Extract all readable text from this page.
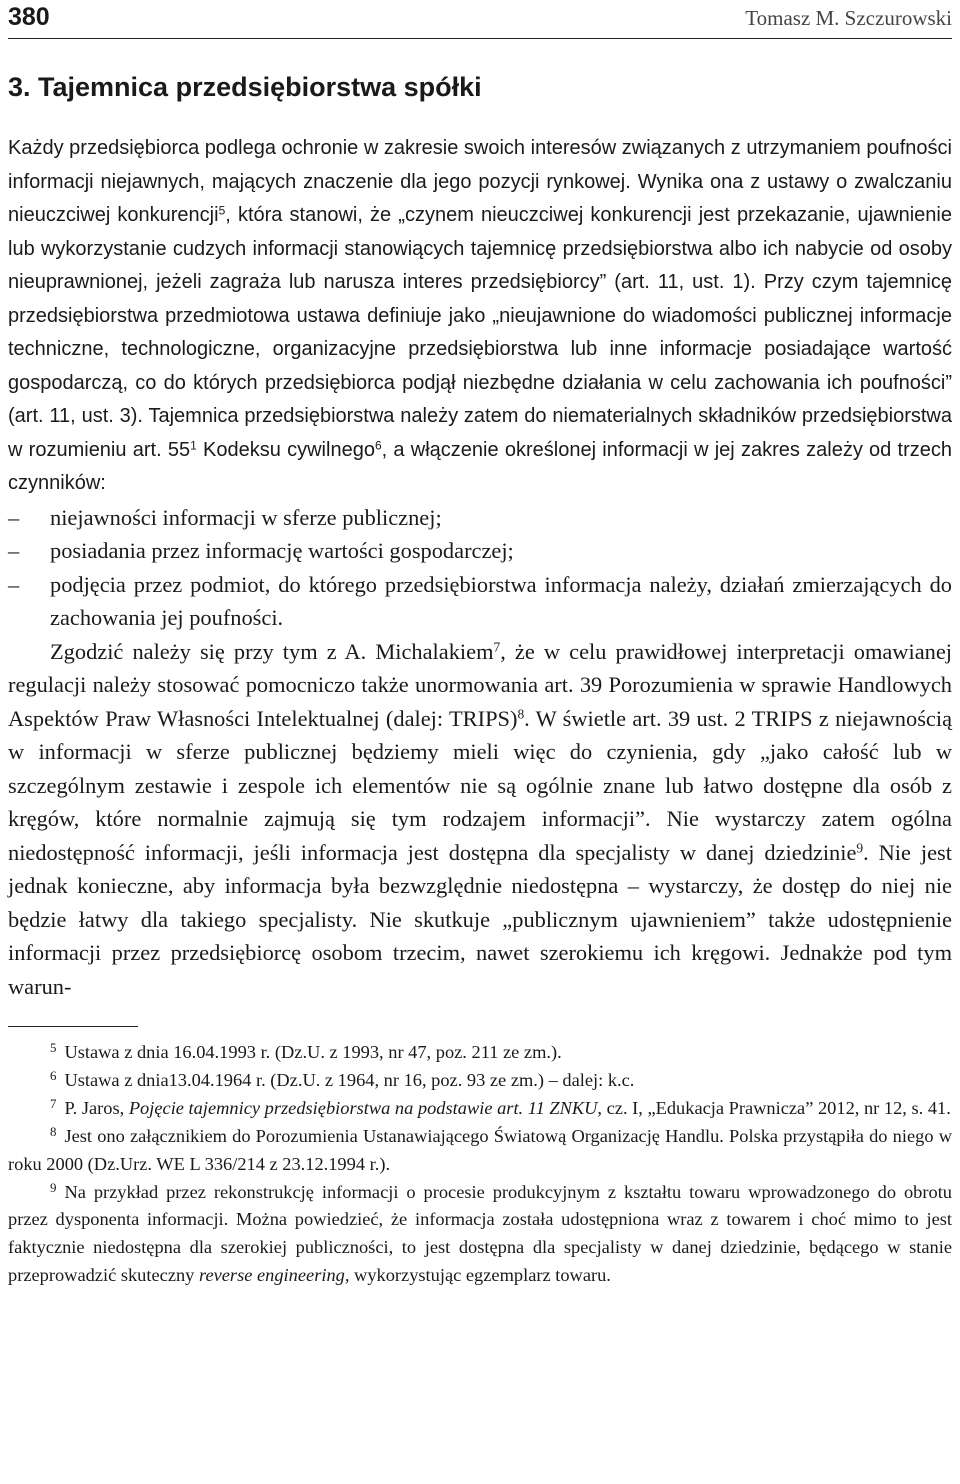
380	Tomasz M. Szczurowski
3. Tajemnica przedsiębiorstwa spółki

Każdy przedsiębiorca podlega ochronie w zakresie swoich interesów związanych z utrzymaniem poufności informacji niejawnych, mających znaczenie dla jego pozycji rynkowej. Wynika ona z ustawy o zwalczaniu nieuczciwej konkurencji$^5$, która stanowi, że „czynem nieuczciwej konkurencji jest przekazanie, ujawnienie lub wykorzystanie cudzych informacji stanowiących tajemnicę przedsiębiorstwa albo ich nabycie od osoby nieuprawnionej, jeżeli zagraża lub narusza interes przedsiębiorcy” (art. 11, ust. 1). Przy czym tajemnicę przedsiębiorstwa przedmiotowa ustawa definiuje jako „nieujawnione do wiadomości publicznej informacje techniczne, technologiczne, organizacyjne przedsiębiorstwa lub inne informacje posiadające wartość gospodarczą, co do których przedsiębiorca podjął niezbędne działania w celu zachowania ich poufności” (art. 11, ust. 3). Tajemnica przedsiębiorstwa należy zatem do niematerialnych składników przedsiębiorstwa w rozumieniu art. $55^1$ Kodeksu cywilnego$^6$, a włączenie określonej informacji w jej zakres zależy od trzech czynników:

– niejawności informacji w sferze publicznej;
– posiadania przez informację wartości gospodarczej;
– podjęcia przez podmiot, do którego przedsiębiorstwa informacja należy, działań zmierzających do zachowania jej poufności.

Zgodzić należy się przy tym z A. Michalakiem$^7$, że w celu prawidłowej interpretacji omawianej regulacji należy stosować pomocniczo także unormowania art. 39 Porozumienia w sprawie Handlowych Aspektów Praw Własności Intelektualnej (dalej: TRIPS)$^8$. W świetle art. 39 ust. 2 TRIPS z niejawnością w informacji w sferze publicznej będziemy mieli więc do czynienia, gdy „jako całość lub w szczególnym zestawie i zespole ich elementów nie są ogólnie znane lub łatwo dostępne dla osób z kręgów, które normalnie zajmują się tym rodzajem informacji”. Nie wystarczy zatem ogólna niedostępność informacji, jeśli informacja jest dostępna dla specjalisty w danej dziedzinie$^9$. Nie jest jednak konieczne, aby informacja była bezwzględnie niedostępna – wystarczy, że dostęp do niej nie będzie łatwy dla takiego specjalisty. Nie skutkuje „publicznym ujawnieniem” także udostępnienie informacji przez przedsiębiorcę osobom trzecim, nawet szerokiemu ich kręgowi. Jednakże pod tym warun-

$^5$ Ustawa z dnia 16.04.1993 r. (Dz.U. z 1993, nr 47, poz. 211 ze zm.).

$^6$ Ustawa z dnia13.04.1964 r. (Dz.U. z 1964, nr 16, poz. 93 ze zm.) – dalej: k.c.

$^7$ P. Jaros, Pojęcie tajemnicy przedsiębiorstwa na podstawie art. 11 ZNKU, cz. I, „Edukacja Prawnicza” 2012, nr 12, s. 41.

$^8$ Jest ono załącznikiem do Porozumienia Ustanawiającego Światową Organizację Handlu. Polska przystąpiła do niego w roku 2000 (Dz.Urz. WE L 336/214 z 23.12.1994 r.).

$^9$ Na przykład przez rekonstrukcję informacji o procesie produkcyjnym z kształtu towaru wprowadzonego do obrotu przez dysponenta informacji. Można powiedzieć, że informacja została udostępniona wraz z towarem i choć mimo to jest faktycznie niedostępna dla szerokiej publiczności, to jest dostępna dla specjalisty w danej dziedzinie, będącego w stanie przeprowadzić skuteczny reverse engineering, wykorzystując egzemplarz towaru.
